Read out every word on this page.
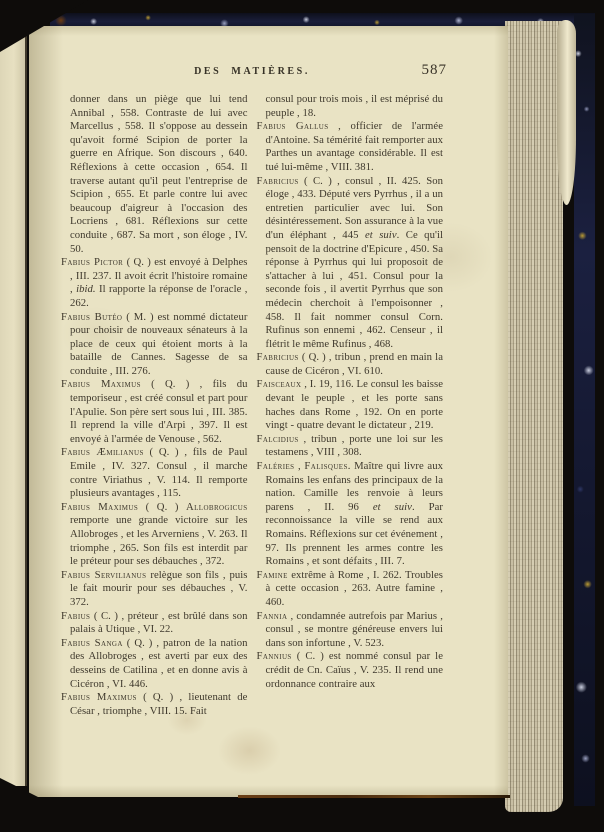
DES MATIÈRES.	587

donner dans un piège que lui tend Annibal , 558. Contraste de lui avec Marcellus , 558. Il s'oppose au dessein qu'avoit formé Scipion de porter la guerre en Afrique. Son discours , 640. Réflexions à cette occasion , 654. Il traverse autant qu'il peut l'entreprise de Scipion , 655. Et parle contre lui avec beaucoup d'aigreur à l'occasion des Locriens , 681. Réflexions sur cette conduite , 687. Sa mort , son éloge , IV. 50.

Fabius Pictor ( Q. ) est envoyé à Delphes , III. 237. Il avoit écrit l'histoire romaine , ibid. Il rapporte la réponse de l'oracle , 262.

Fabius Butéo ( M. ) est nommé dictateur pour choisir de nouveaux sénateurs à la place de ceux qui étoient morts à la bataille de Cannes. Sagesse de sa conduite , III. 276.

Fabius Maximus ( Q. ) , fils du temporiseur , est créé consul et part pour l'Apulie. Son père sert sous lui , III. 385. Il reprend la ville d'Arpi , 397. Il est envoyé à l'armée de Venouse , 562.

Fabius Æmilianus ( Q. ) , fils de Paul Emile , IV. 327. Consul , il marche contre Viriathus , V. 114. Il remporte plusieurs avantages , 115.

Fabius Maximus ( Q. ) Allobrogicus remporte une grande victoire sur les Allobroges , et les Arverniens , V. 263. Il triomphe , 265. Son fils est interdit par le préteur pour ses débauches , 372.

Fabius Servilianus relègue son fils , puis le fait mourir pour ses débauches , V. 372.

Fabius ( C. ) , préteur , est brûlé dans son palais à Utique , VI. 22.

Fabius Sanga ( Q. ) , patron de la nation des Allobroges , est averti par eux des desseins de Catilina , et en donne avis à Cicéron , VI. 446.

Fabius Maximus ( Q. ) , lieutenant de César , triomphe , VIII. 15. Fait

consul pour trois mois , il est méprisé du peuple , 18.

Fabius Gallus , officier de l'armée d'Antoine. Sa témérité fait remporter aux Parthes un avantage considérable. Il est tué lui-même , VIII. 381.

Fabricius ( C. ) , consul , II. 425. Son éloge , 433. Député vers Pyrrhus , il a un entretien particulier avec lui. Son désintéressement. Son assurance à la vue d'un éléphant , 445 et suiv. Ce qu'il pensoit de la doctrine d'Epicure , 450. Sa réponse à Pyrrhus qui lui proposoit de s'attacher à lui , 451. Consul pour la seconde fois , il avertit Pyrrhus que son médecin cherchoit à l'empoisonner , 458. Il fait nommer consul Corn. Rufinus son ennemi , 462. Censeur , il flétrit le même Rufinus , 468.

Fabricius ( Q. ) , tribun , prend en main la cause de Cicéron , VI. 610.

Faisceaux , I. 19, 116. Le consul les baisse devant le peuple , et les porte sans haches dans Rome , 192. On en porte vingt - quatre devant le dictateur , 219.

Falcidius , tribun , porte une loi sur les testamens , VIII , 308.

Faléries , Falisques. Maître qui livre aux Romains les enfans des principaux de la nation. Camille les renvoie à leurs parens , II. 96 et suiv. Par reconnoissance la ville se rend aux Romains. Réflexions sur cet événement , 97. Ils prennent les armes contre les Romains , et sont défaits , III. 7.

Famine extrême à Rome , I. 262. Troubles à cette occasion , 263. Autre famine , 460.

Fannia , condamnée autrefois par Marius , consul , se montre généreuse envers lui dans son infortune , V. 523.

Fannius ( C. ) est nommé consul par le crédit de Cn. Caïus , V. 235. Il rend une ordonnance contraire aux
